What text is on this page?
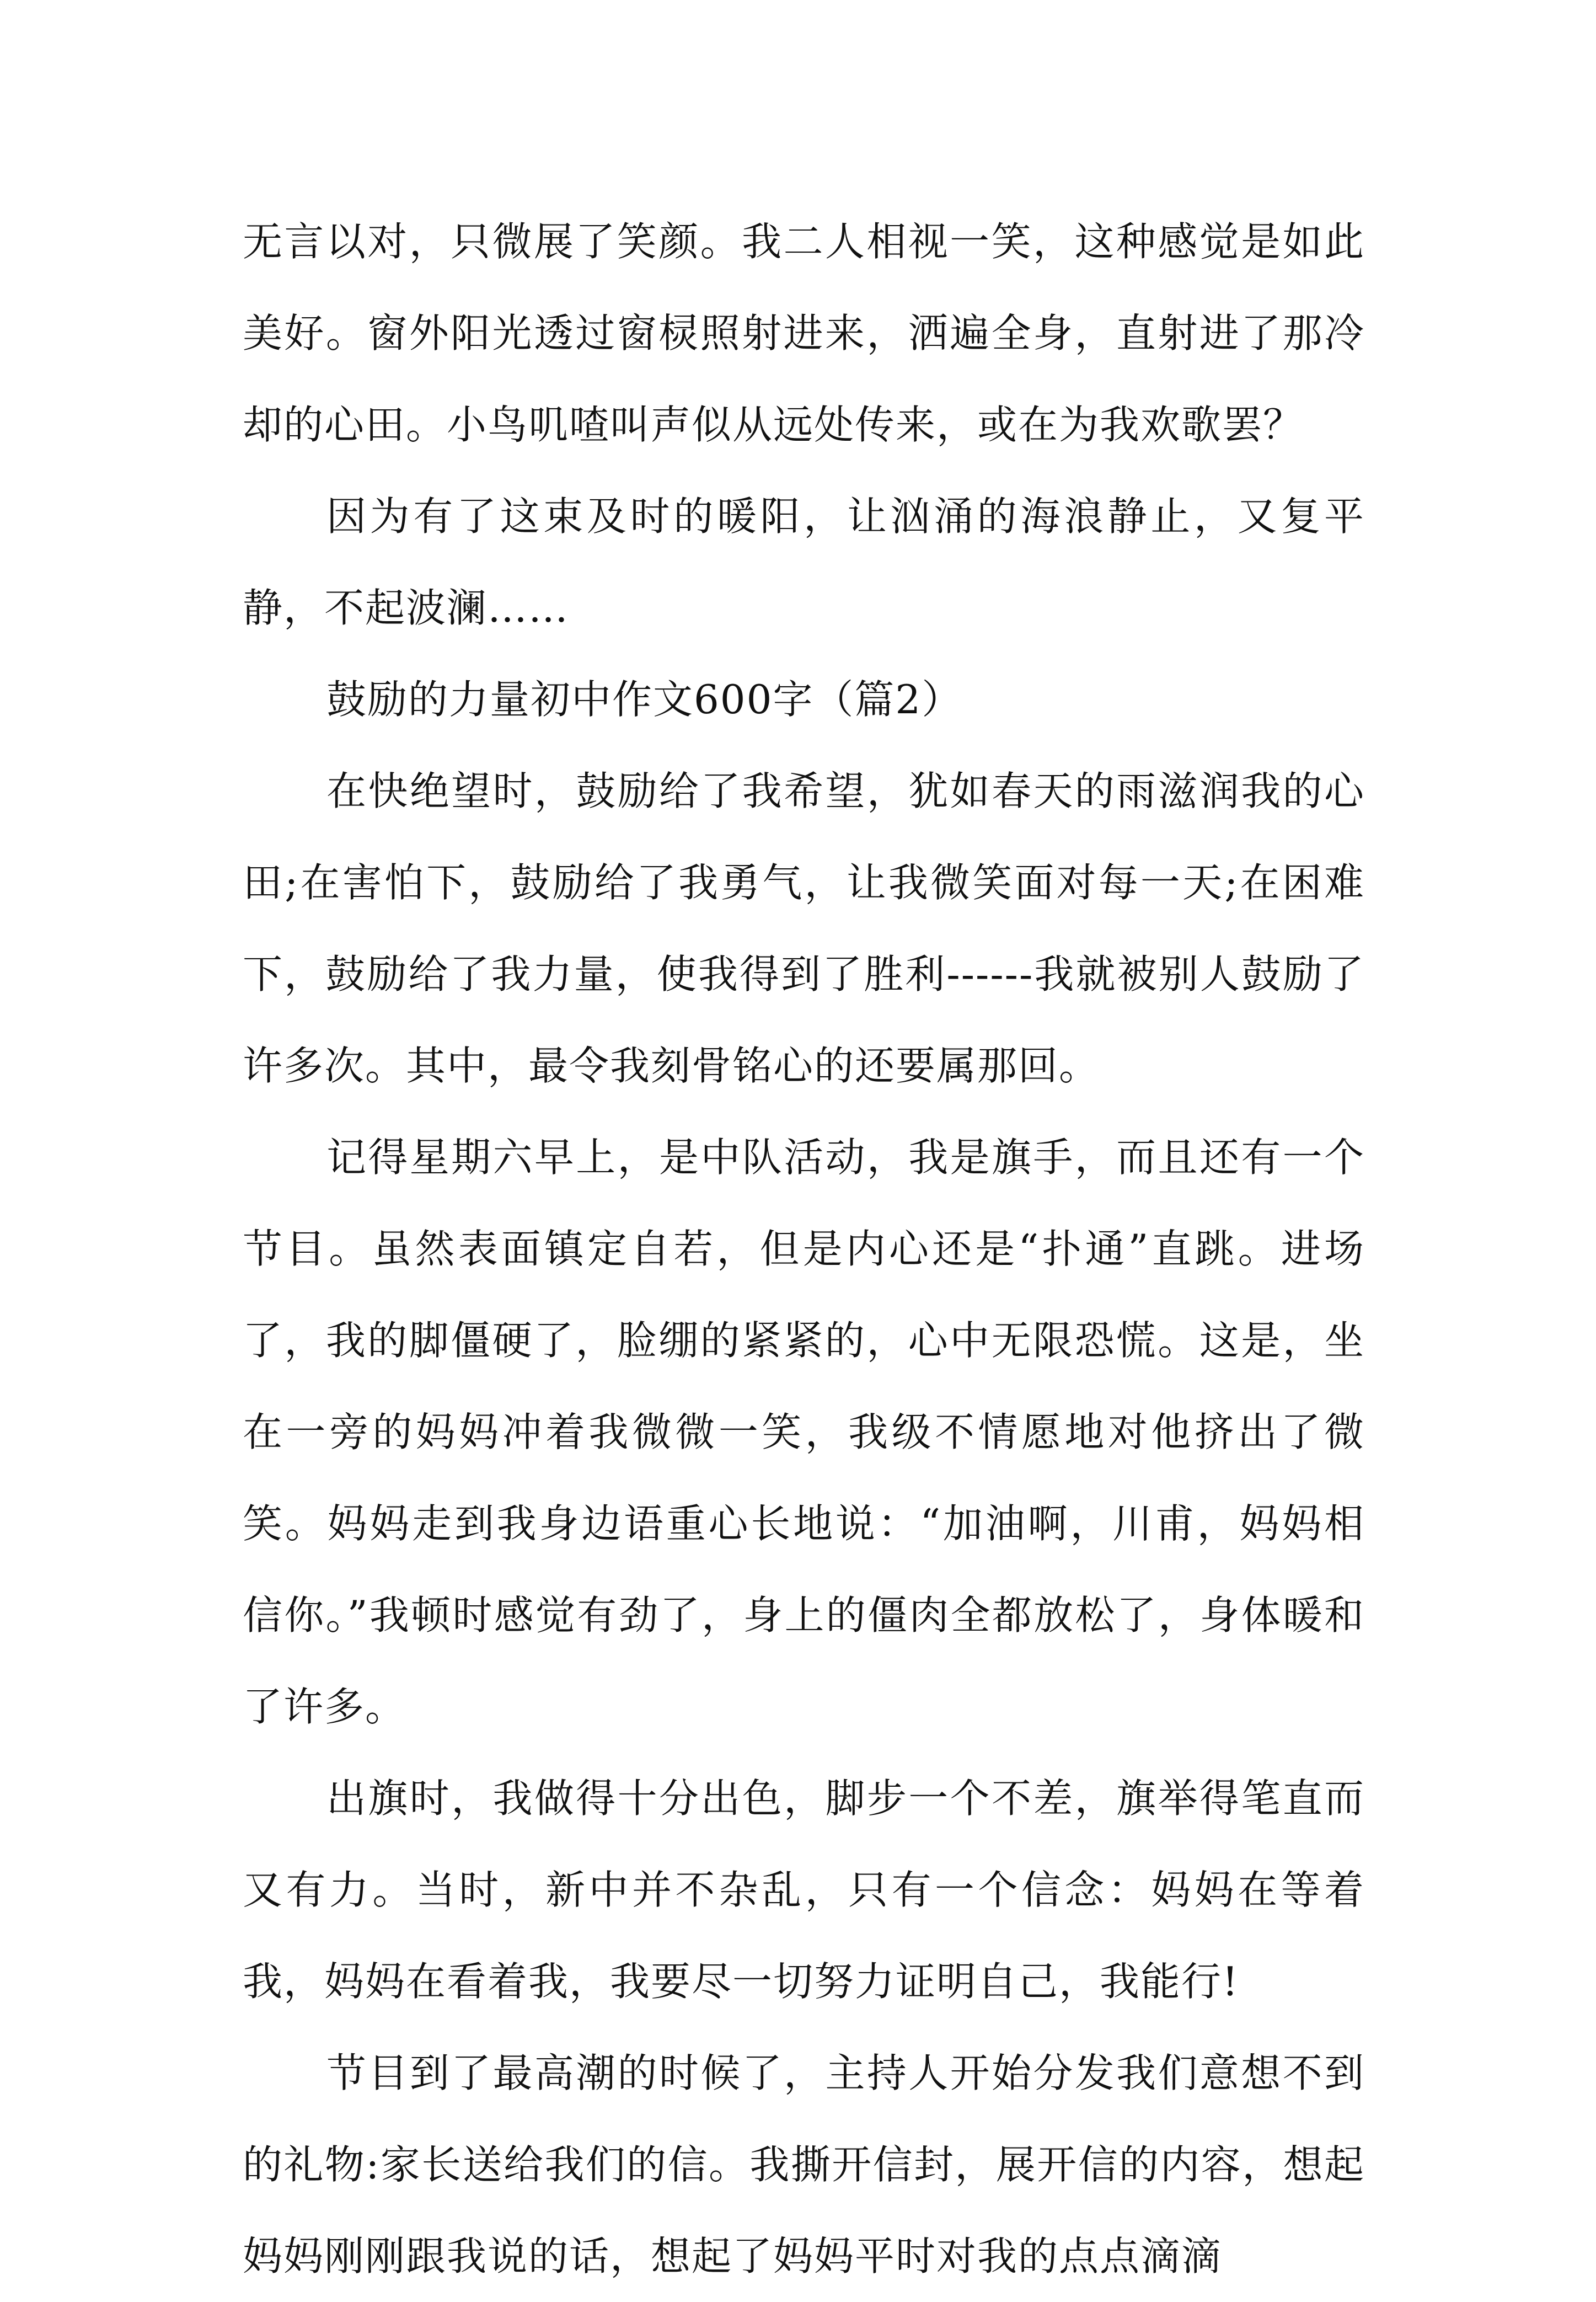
无言以对，只微展了笑颜。我二人相视一笑，这种感觉是如此美好。窗外阳光透过窗棂照射进来，洒遍全身，直射进了那冷却的心田。小鸟叽喳叫声似从远处传来，或在为我欢歌罢？

因为有了这束及时的暖阳，让汹涌的海浪静止，又复平静，不起波澜……

鼓励的力量初中作文600字（篇2）

在快绝望时，鼓励给了我希望，犹如春天的雨滋润我的心田;在害怕下，鼓励给了我勇气，让我微笑面对每一天;在困难下，鼓励给了我力量，使我得到了胜利------我就被别人鼓励了许多次。其中，最令我刻骨铭心的还要属那回。

记得星期六早上，是中队活动，我是旗手，而且还有一个节目。虽然表面镇定自若，但是内心还是“扑通”直跳。进场了，我的脚僵硬了，脸绷的紧紧的，心中无限恐慌。这是，坐在一旁的妈妈冲着我微微一笑，我级不情愿地对他挤出了微笑。妈妈走到我身边语重心长地说：“加油啊，川甫，妈妈相信你。”我顿时感觉有劲了，身上的僵肉全都放松了，身体暖和了许多。

出旗时，我做得十分出色，脚步一个不差，旗举得笔直而又有力。当时，新中并不杂乱，只有一个信念：妈妈在等着我，妈妈在看着我，我要尽一切努力证明自己，我能行!

节目到了最高潮的时候了，主持人开始分发我们意想不到的礼物:家长送给我们的信。我撕开信封，展开信的内容，想起妈妈刚刚跟我说的话，想起了妈妈平时对我的点点滴滴
